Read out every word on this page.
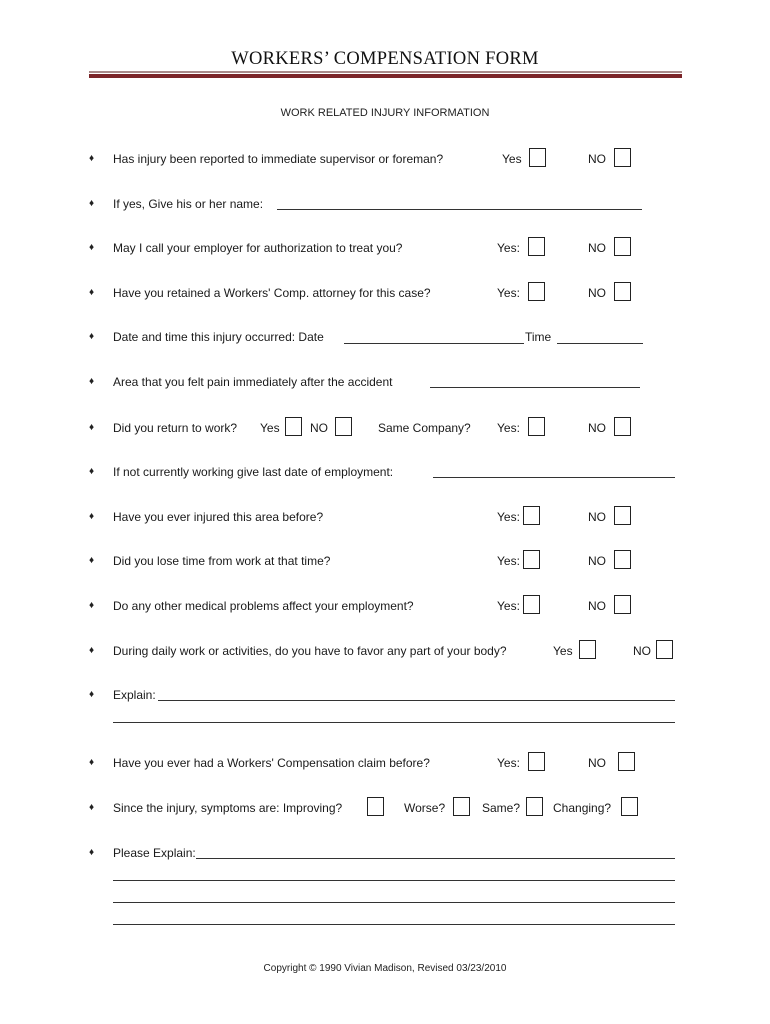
WORKERS’ COMPENSATION FORM
WORK RELATED INJURY INFORMATION
♦ Has injury been reported to immediate supervisor or foreman?	Yes	NO
♦ If yes, Give his or her name:
♦ May I call your employer for authorization to treat you?	Yes:	NO
♦ Have you retained a Workers' Comp. attorney for this case?	Yes:	NO
♦ Date and time this injury occurred: Date	Time
♦ Area that you felt pain immediately after the accident
♦ Did you return to work? Yes	NO	Same Company? Yes:	NO
♦ If not currently working give last date of employment:
♦ Have you ever injured this area before?	Yes:	NO
♦ Did you lose time from work at that time?	Yes:	NO
♦ Do any other medical problems affect your employment?	Yes:	NO
♦ During daily work or activities, do you have to favor any part of your body?	Yes	NO
♦ Explain:
♦ Have you ever had a Workers' Compensation claim before?	Yes:	NO
♦ Since the injury, symptoms are: Improving?	Worse?	Same?	Changing?
♦ Please Explain:
Copyright © 1990 Vivian Madison, Revised 03/23/2010
